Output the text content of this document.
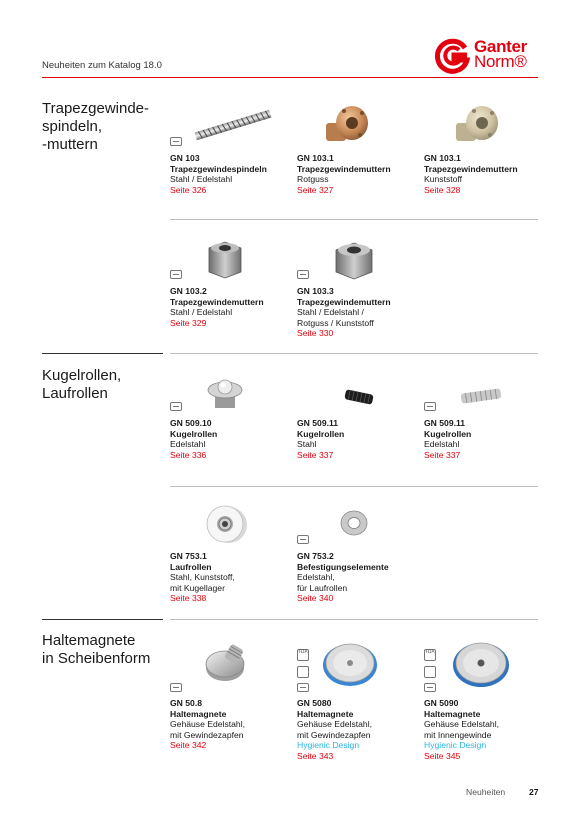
Neuheiten zum Katalog 18.0
Ganter
Norm®
Trapezgewinde-
spindeln,
-muttern
Kugelrollen,
Laufrollen
Haltemagnete
in Scheibenform
GN 103
Trapezgewindespindeln
Stahl / Edelstahl
Seite 326
GN 103.1
Trapezgewindemuttern
Rotguss
Seite 327
GN 103.1
Trapezgewindemuttern
Kunststoff
Seite 328
GN 103.2
Trapezgewindemuttern
Stahl / Edelstahl
Seite 329
GN 103.3
Trapezgewindemuttern
Stahl / Edelstahl /
Rotguss / Kunststoff
Seite 330
GN 509.10
Kugelrollen
Edelstahl
Seite 336
GN 509.11
Kugelrollen
Stahl
Seite 337
GN 509.11
Kugelrollen
Edelstahl
Seite 337
GN 753.1
Laufrollen
Stahl, Kunststoff,
mit Kugellager
Seite 338
GN 753.2
Befestigungselemente
Edelstahl,
für Laufrollen
Seite 340
FDA	FDA
GN 50.8
Haltemagnete
Gehäuse Edelstahl,
mit Gewindezapfen
Seite 342
GN 5080
Haltemagnete
Gehäuse Edelstahl,
mit Gewindezapfen
Hygienic Design
Seite 343
GN 5090
Haltemagnete
Gehäuse Edelstahl,
mit Innengewinde
Hygienic Design
Seite 345
Neuheiten	27
